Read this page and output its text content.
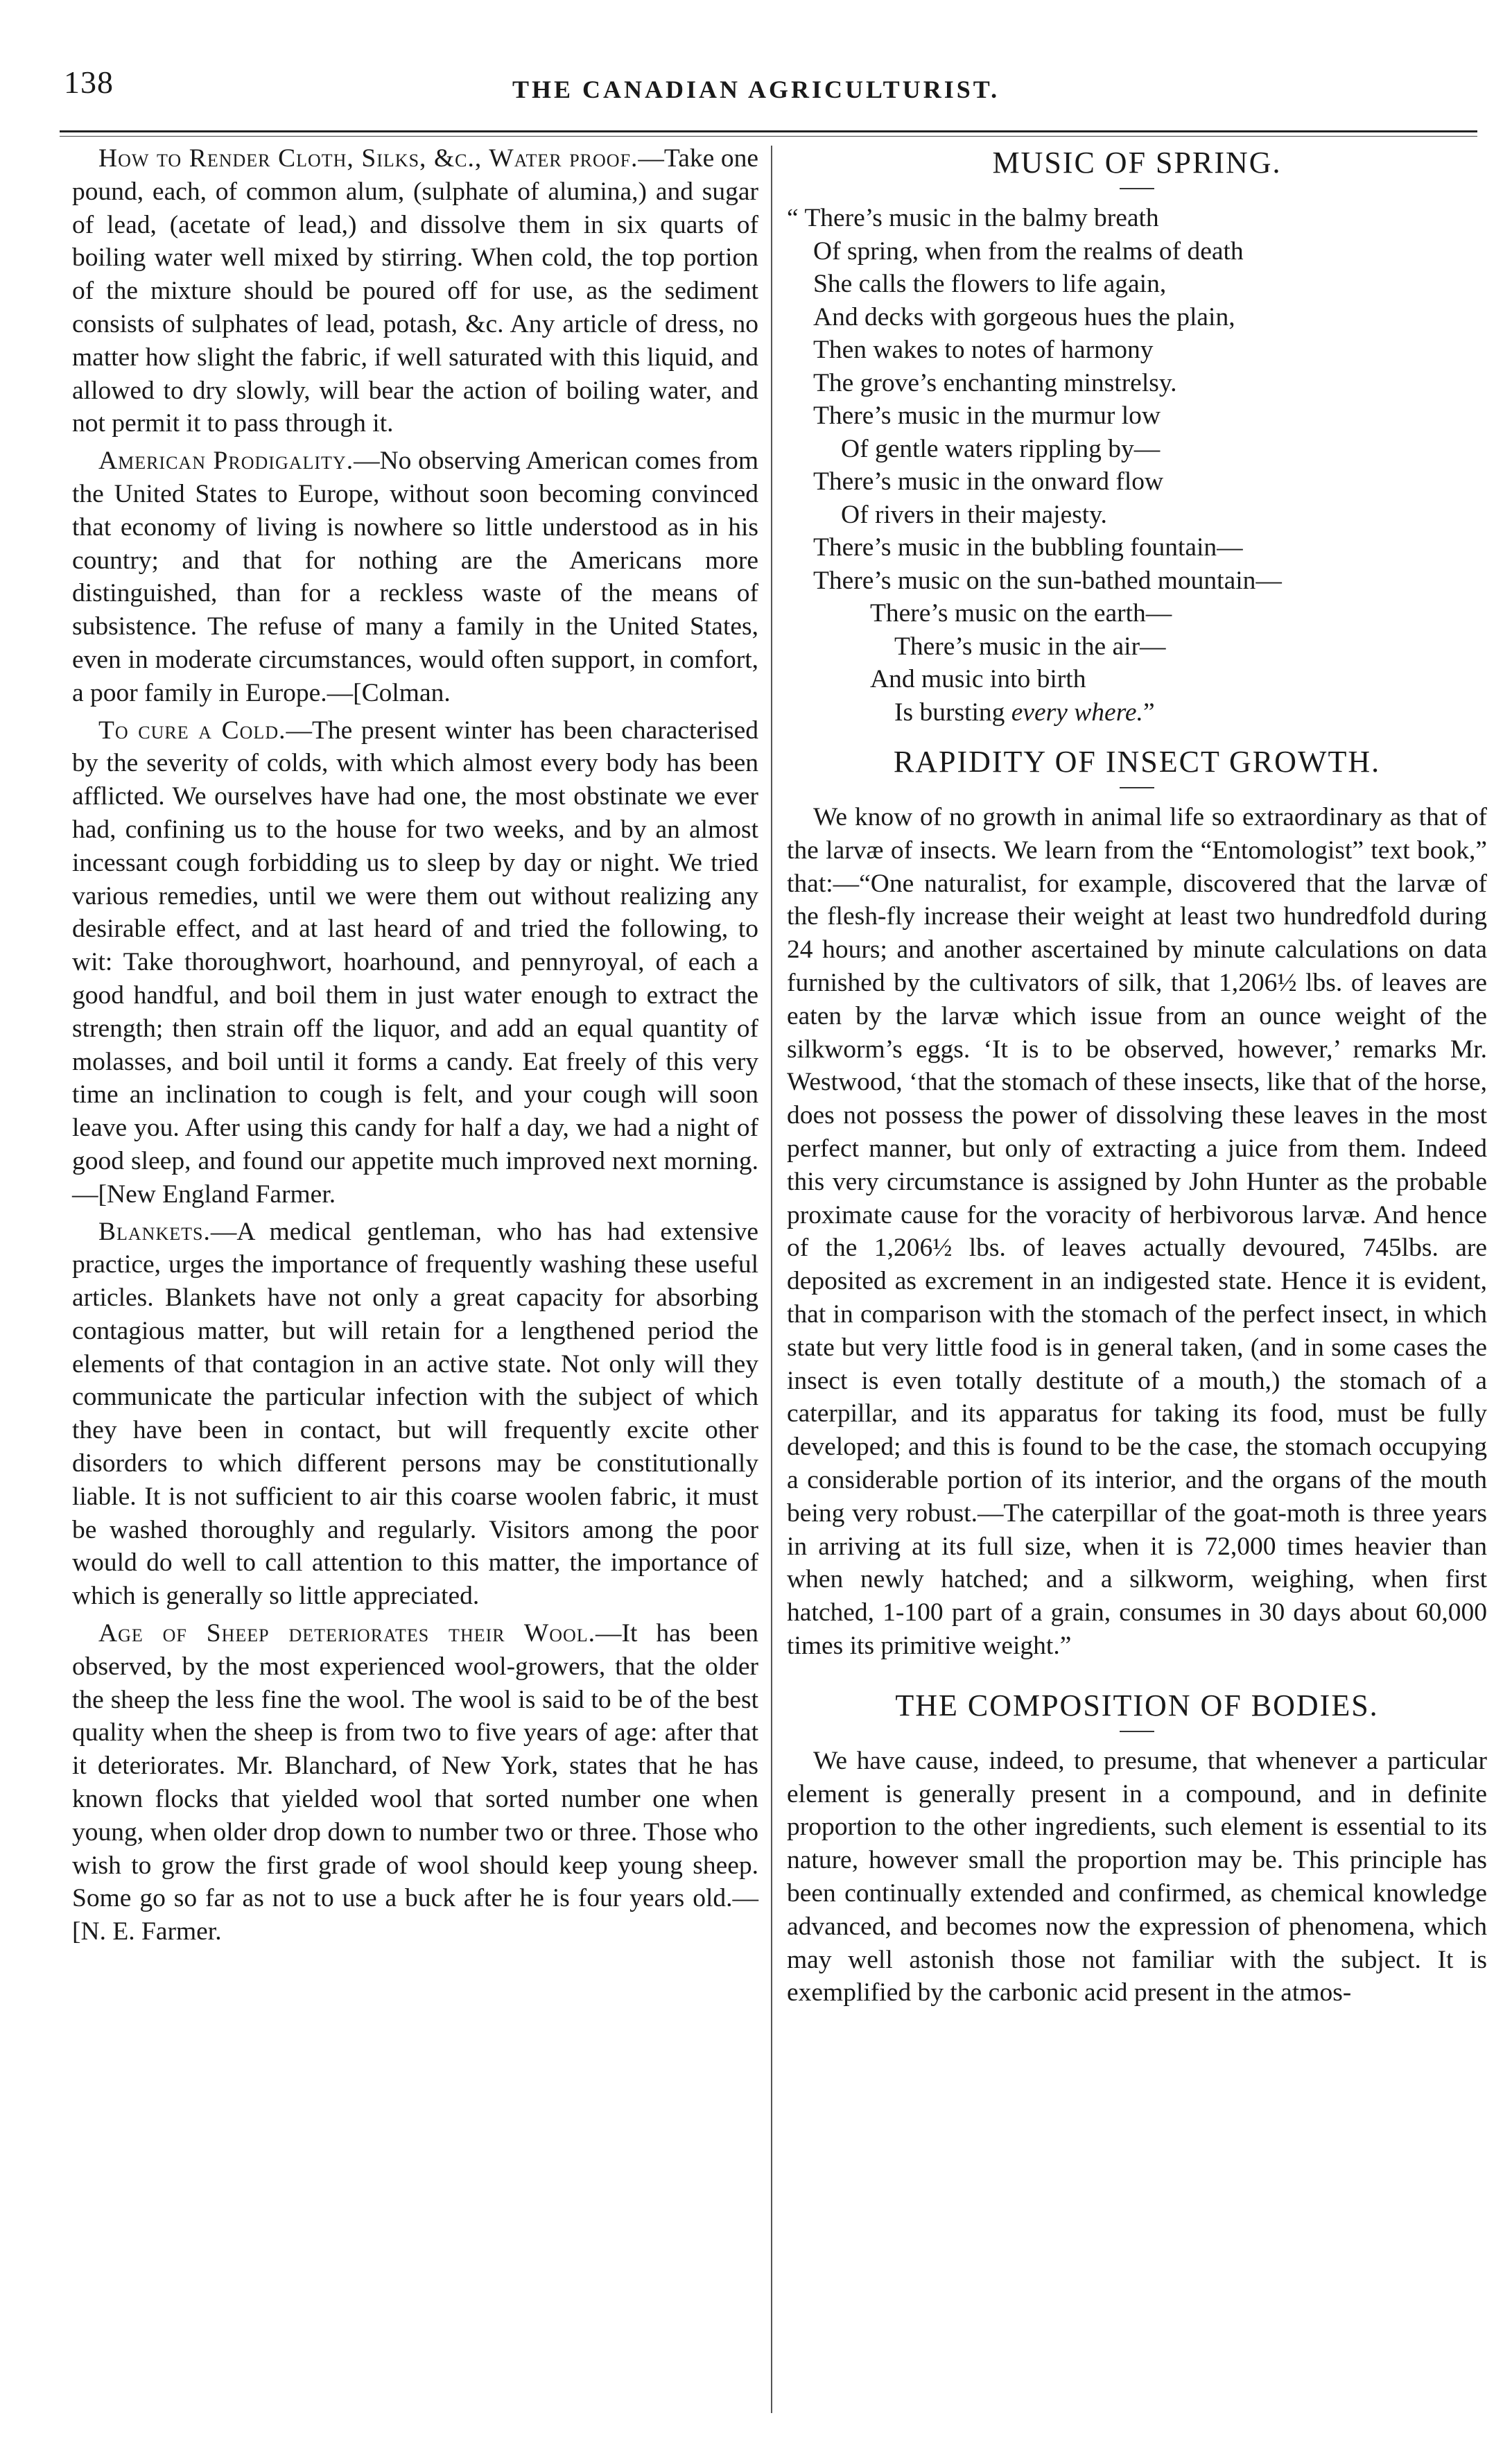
138	THE CANADIAN AGRICULTURIST.

How to Render Cloth, Silks, &c., Water proof.—Take one pound, each, of common alum, (sulphate of alumina,) and sugar of lead, (acetate of lead,) and dissolve them in six quarts of boiling water well mixed by stirring. When cold, the top portion of the mixture should be poured off for use, as the sediment consists of sulphates of lead, potash, &c. Any article of dress, no matter how slight the fabric, if well saturated with this liquid, and allowed to dry slowly, will bear the action of boiling water, and not permit it to pass through it.

American Prodigality.—No observing American comes from the United States to Europe, without soon becoming convinced that economy of living is nowhere so little understood as in his country; and that for nothing are the Americans more distinguished, than for a reckless waste of the means of subsistence. The refuse of many a family in the United States, even in moderate circumstances, would often support, in comfort, a poor family in Europe.—[Colman.

To cure a Cold.—The present winter has been characterised by the severity of colds, with which almost every body has been afflicted. We ourselves have had one, the most obstinate we ever had, confining us to the house for two weeks, and by an almost incessant cough forbidding us to sleep by day or night. We tried various remedies, until we were them out without realizing any desirable effect, and at last heard of and tried the following, to wit: Take thoroughwort, hoarhound, and pennyroyal, of each a good handful, and boil them in just water enough to extract the strength; then strain off the liquor, and add an equal quantity of molasses, and boil until it forms a candy. Eat freely of this very time an inclination to cough is felt, and your cough will soon leave you. After using this candy for half a day, we had a night of good sleep, and found our appetite much improved next morning.—[New England Farmer.

Blankets.—A medical gentleman, who has had extensive practice, urges the importance of frequently washing these useful articles. Blankets have not only a great capacity for absorbing contagious matter, but will retain for a lengthened period the elements of that contagion in an active state. Not only will they communicate the particular infection with the subject of which they have been in contact, but will frequently excite other disorders to which different persons may be constitutionally liable. It is not sufficient to air this coarse woolen fabric, it must be washed thoroughly and regularly. Visitors among the poor would do well to call attention to this matter, the importance of which is generally so little appreciated.

Age of Sheep deteriorates their Wool.—It has been observed, by the most experienced wool-growers, that the older the sheep the less fine the wool. The wool is said to be of the best quality when the sheep is from two to five years of age: after that it deteriorates. Mr. Blanchard, of New York, states that he has known flocks that yielded wool that sorted number one when young, when older drop down to number two or three. Those who wish to grow the first grade of wool should keep young sheep. Some go so far as not to use a buck after he is four years old.—[N. E. Farmer.

MUSIC OF SPRING.
“ There’s music in the balmy breath
Of spring, when from the realms of death
She calls the flowers to life again,
And decks with gorgeous hues the plain,
Then wakes to notes of harmony
The grove’s enchanting minstrelsy.
There’s music in the murmur low
Of gentle waters rippling by—
There’s music in the onward flow
Of rivers in their majesty.
There’s music in the bubbling fountain—
There’s music on the sun-bathed mountain—
There’s music on the earth—
There’s music in the air—
And music into birth
Is bursting every where.”
RAPIDITY OF INSECT GROWTH.

We know of no growth in animal life so extraordinary as that of the larvæ of insects. We learn from the “Entomologist” text book,” that:—“One naturalist, for example, discovered that the larvæ of the flesh-fly increase their weight at least two hundredfold during 24 hours; and another ascertained by minute calculations on data furnished by the cultivators of silk, that 1,206½ lbs. of leaves are eaten by the larvæ which issue from an ounce weight of the silkworm’s eggs. ‘It is to be observed, however,’ remarks Mr. Westwood, ‘that the stomach of these insects, like that of the horse, does not possess the power of dissolving these leaves in the most perfect manner, but only of extracting a juice from them. Indeed this very circumstance is assigned by John Hunter as the probable proximate cause for the voracity of herbivorous larvæ. And hence of the 1,206½ lbs. of leaves actually devoured, 745lbs. are deposited as excrement in an indigested state. Hence it is evident, that in comparison with the stomach of the perfect insect, in which state but very little food is in general taken, (and in some cases the insect is even totally destitute of a mouth,) the stomach of a caterpillar, and its apparatus for taking its food, must be fully developed; and this is found to be the case, the stomach occupying a considerable portion of its interior, and the organs of the mouth being very robust.—The caterpillar of the goat-moth is three years in arriving at its full size, when it is 72,000 times heavier than when newly hatched; and a silkworm, weighing, when first hatched, 1-100 part of a grain, consumes in 30 days about 60,000 times its primitive weight.”

THE COMPOSITION OF BODIES.

We have cause, indeed, to presume, that whenever a particular element is generally present in a compound, and in definite proportion to the other ingredients, such element is essential to its nature, however small the proportion may be. This principle has been continually extended and confirmed, as chemical knowledge advanced, and becomes now the expression of phenomena, which may well astonish those not familiar with the subject. It is exemplified by the carbonic acid present in the atmos-
